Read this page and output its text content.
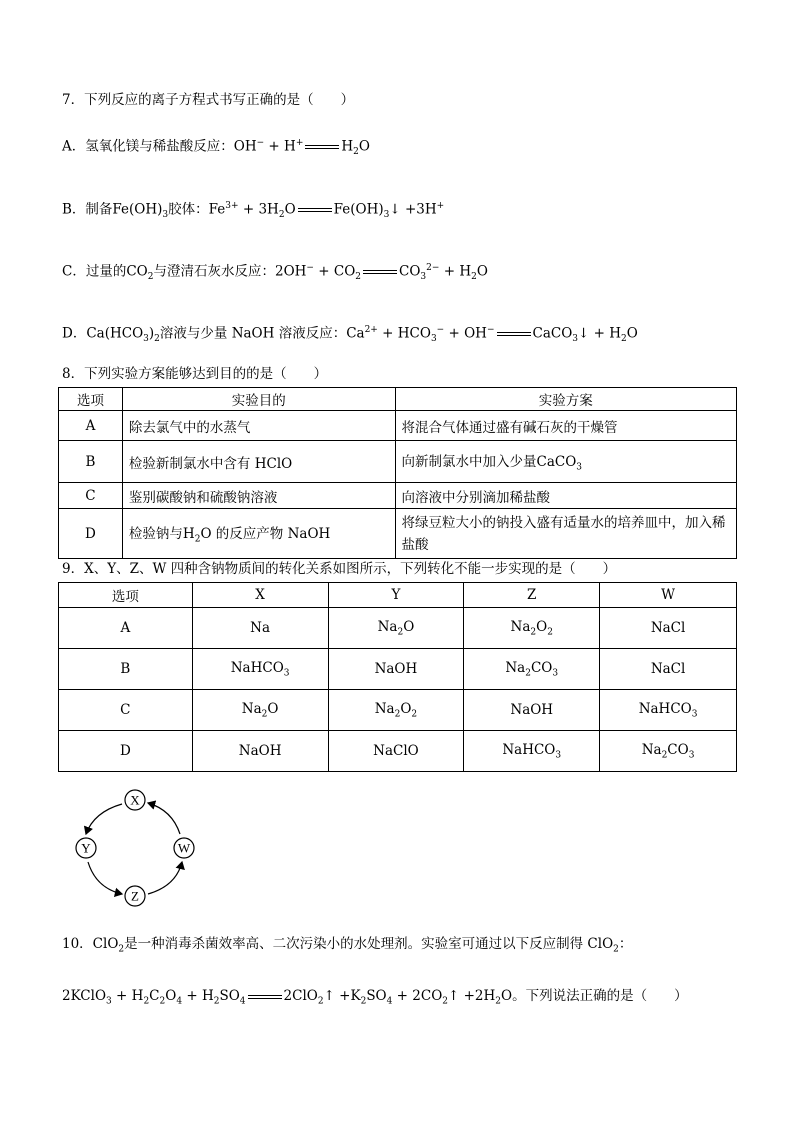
7．下列反应的离子方程式书写正确的是（　　）
A．氢氧化镁与稀盐酸反应：OH− + H+	$H_2O$
B．制备$Fe(OH)_3$胶体：$Fe^{3+} + 3H_2O$	$Fe(OH)_3↓ +3H^+$
C．过量的$CO_2$与澄清石灰水反应：$2OH^- + CO_2$	$CO_3^{2-} + H_2O$
D．$Ca(HCO_3)_2$溶液与少量 NaOH 溶液反应：$Ca^{2+} + HCO_3^- + OH^-$	CaCO$_3$↓ + $H_2O$
8．下列实验方案能够达到目的的是（　　）
选项	实验目的	实验方案
A	除去氯气中的水蒸气	将混合气体通过盛有碱石灰的干燥管
B	检验新制氯水中含有 HClO	向新制氯水中加入少量CaCO$_3$
C	鉴别碳酸钠和硫酸钠溶液	向溶液中分别滴加稀盐酸
D	检验钠与$H_2O$ 的反应产物 NaOH	将绿豆粒大小的钠投入盛有适量水的培养皿中，加入稀盐酸
9．X、Y、Z、W 四种含钠物质间的转化关系如图所示，下列转化不能一步实现的是（　　）
选项	X	Y	Z	W
A	Na	$Na_2O$	$Na_2O_2$	NaCl
B	NaHCO$_3$	NaOH	$Na_2CO_3$	NaCl
C	$Na_2O$	$Na_2O_2$	NaOH	NaHCO$_3$
D	NaOH	NaClO	NaHCO$_3$	$Na_2CO_3$
X
Y
Z
W
10．ClO$_2$是一种消毒杀菌效率高、二次污染小的水处理剂。实验室可通过以下反应制得 ClO$_2$：
2KClO$_3$ + $H_2C_2O_4 + H_2SO_4$	2ClO$_2$↑ $+K_2SO_4$ + $2CO_2↑ +2H_2O$。下列说法正确的是（　　）
